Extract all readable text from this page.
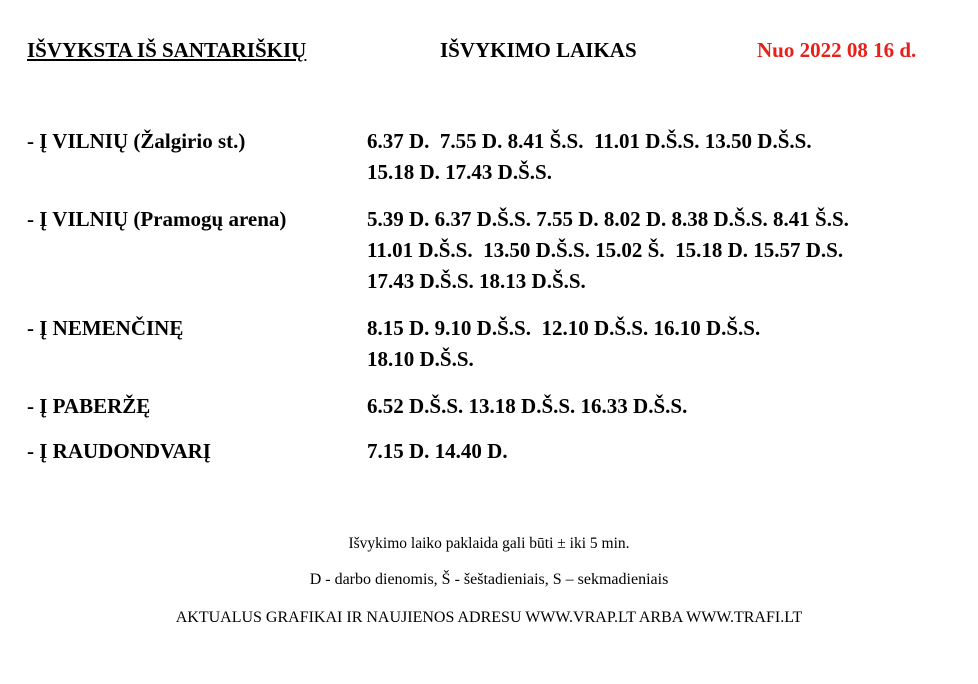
IŠVYKSTA IŠ SANTARIŠKIŲ	IŠVYKIMO LAIKAS	Nuo 2022 08 16 d.
- Į VILNIŲ (Žalgirio st.)	6.37 D.  7.55 D. 8.41 Š.S.  11.01 D.Š.S. 13.50 D.Š.S.
15.18 D. 17.43 D.Š.S.
- Į VILNIŲ (Pramogų arena)	5.39 D. 6.37 D.Š.S. 7.55 D. 8.02 D. 8.38 D.Š.S. 8.41 Š.S.
11.01 D.Š.S.  13.50 D.Š.S. 15.02 Š.  15.18 D. 15.57 D.S.
17.43 D.Š.S. 18.13 D.Š.S.
- Į NEMENČINĘ	8.15 D. 9.10 D.Š.S.  12.10 D.Š.S. 16.10 D.Š.S.
18.10 D.Š.S.
- Į PABERŽĘ	6.52 D.Š.S. 13.18 D.Š.S. 16.33 D.Š.S.
- Į RAUDONDVARĮ	7.15 D. 14.40 D.
Išvykimo laiko paklaida gali būti ± iki 5 min.
D - darbo dienomis, Š - šeštadieniais, S – sekmadieniais
AKTUALUS GRAFIKAI IR NAUJIENOS ADRESU WWW.VRAP.LT ARBA WWW.TRAFI.LT
